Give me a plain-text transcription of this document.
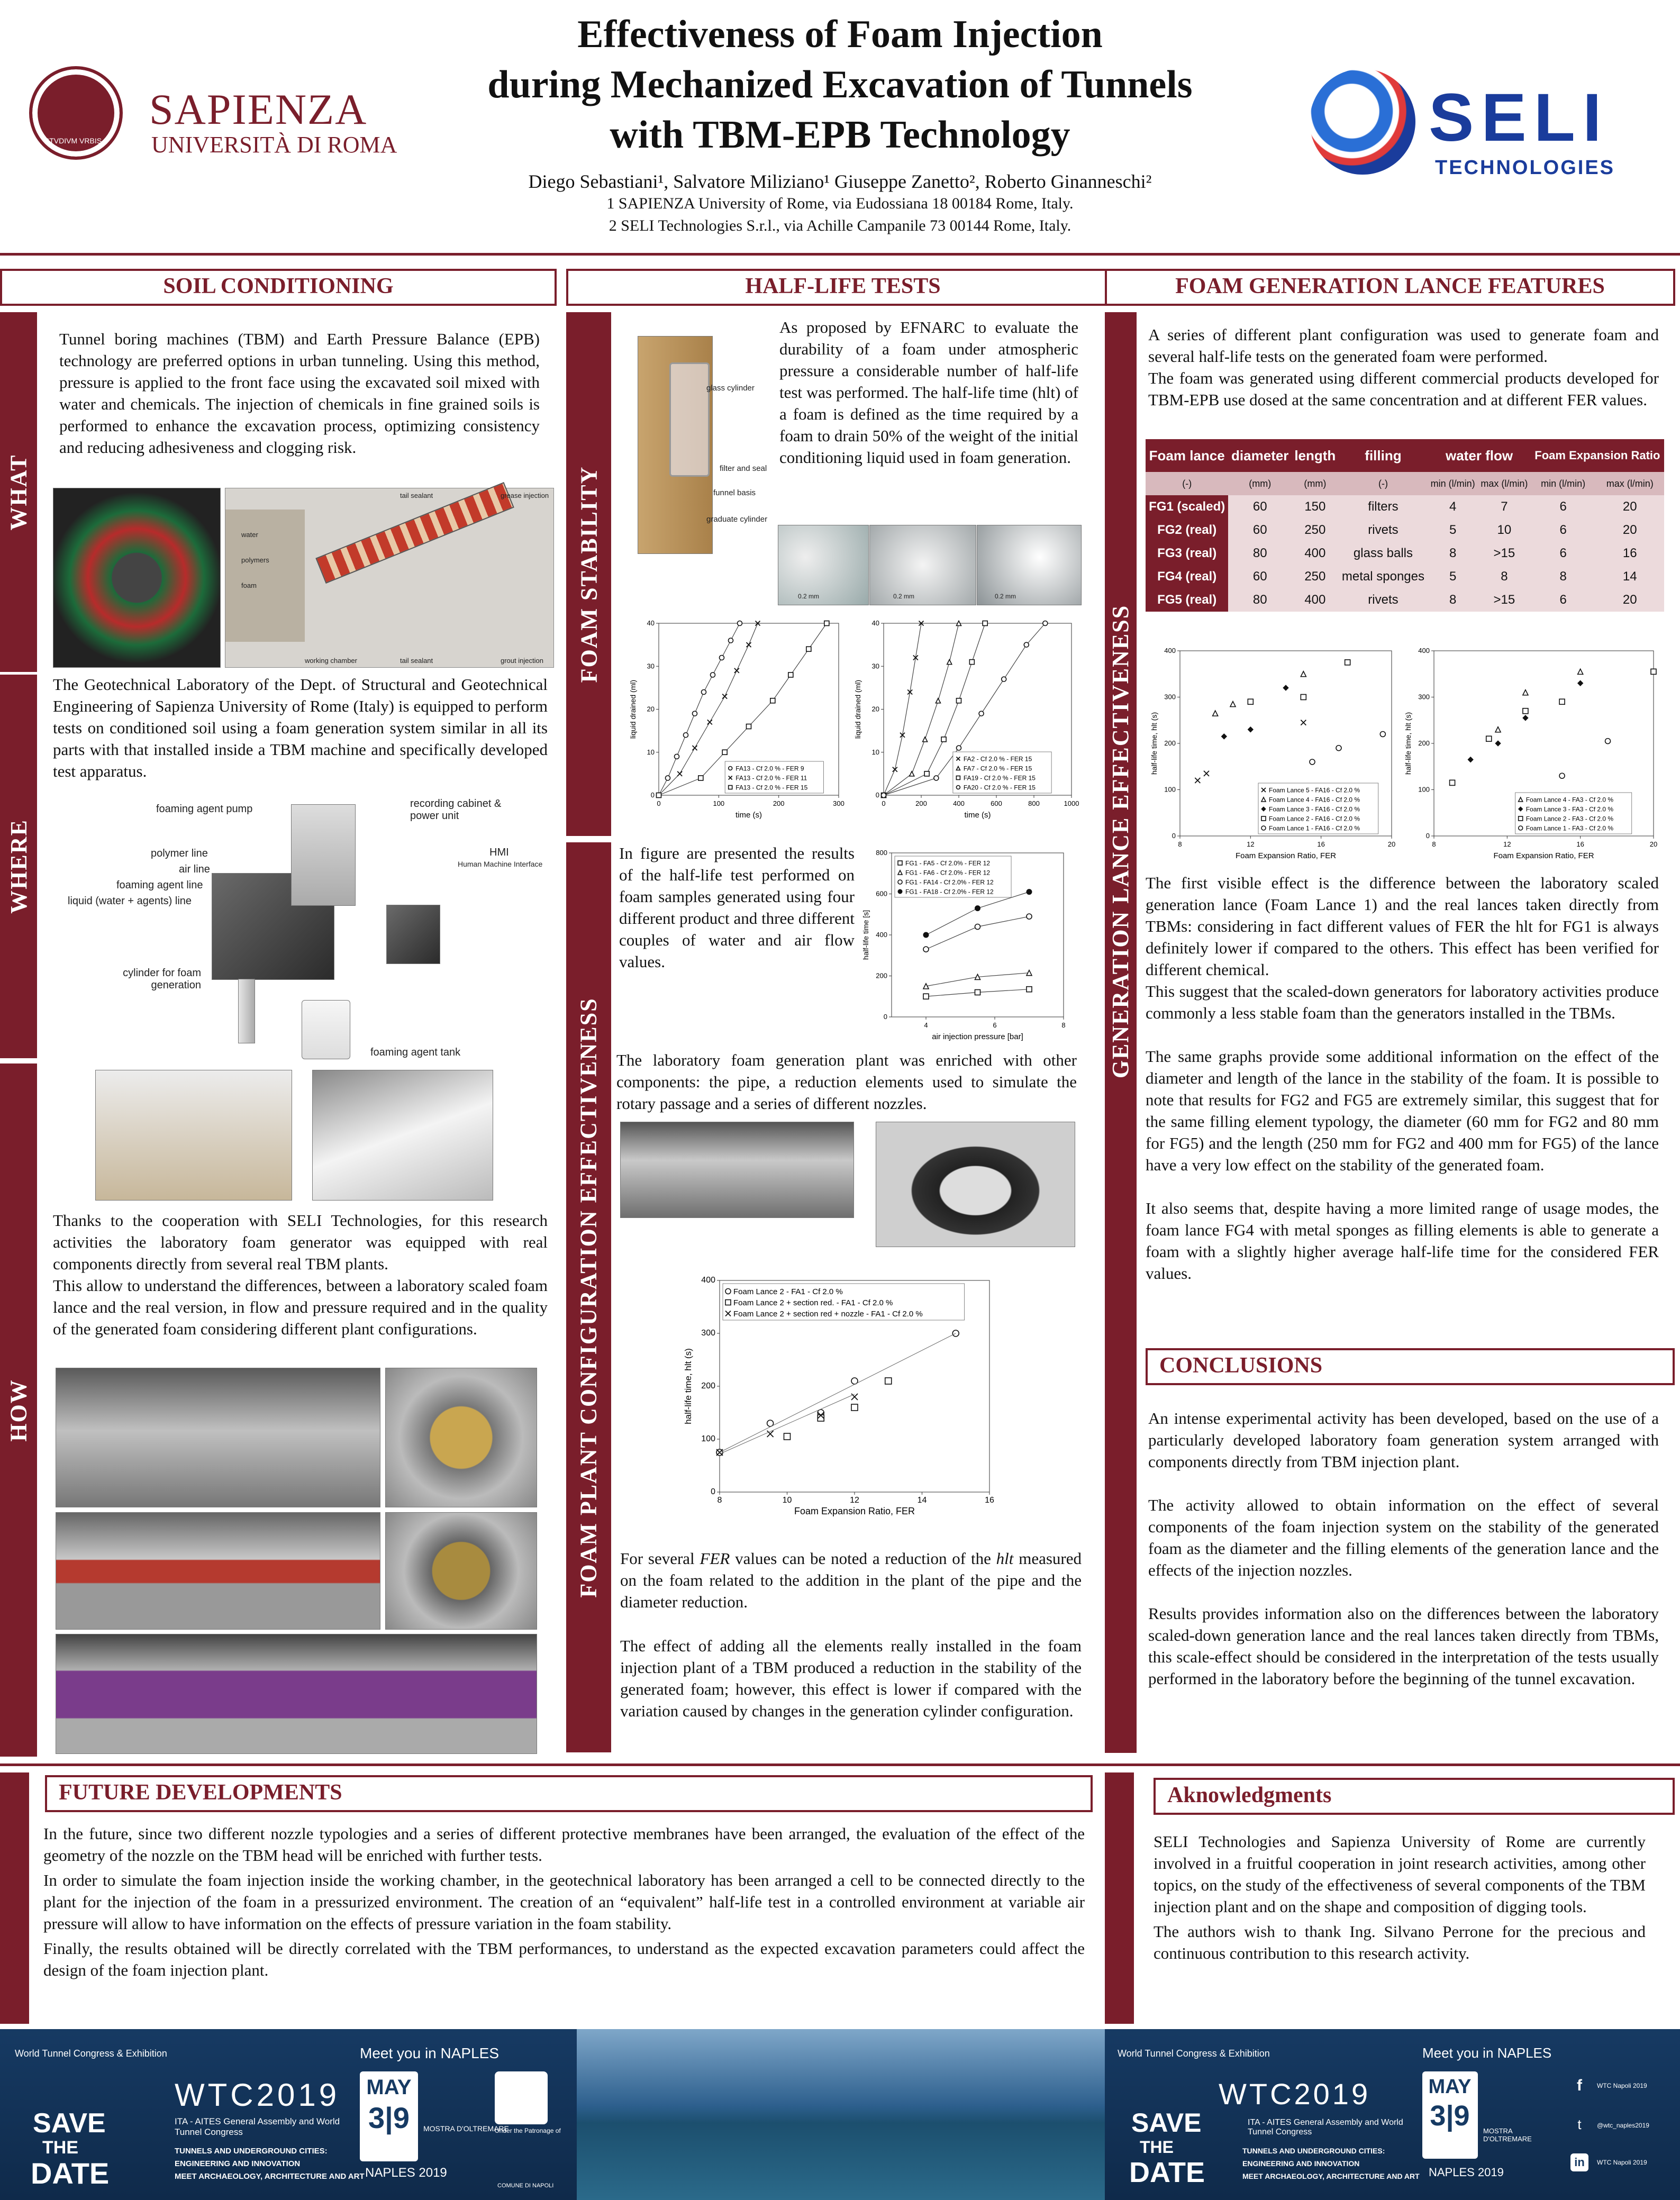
STVDIVM VRBIS
SAPIENZA
UNIVERSITÀ DI ROMA
Effectiveness of Foam Injection
during Mechanized Excavation of Tunnels
with TBM-EPB Technology
Diego Sebastiani¹, Salvatore Miliziano¹ Giuseppe Zanetto², Roberto Ginanneschi²
1 SAPIENZA University of Rome, via Eudossiana 18 00184 Rome, Italy.
2 SELI Technologies S.r.l., via Achille Campanile 73 00144 Rome, Italy.
SELI
TECHNOLOGIES
SOIL CONDITIONING
WHAT
WHERE
HOW
Tunnel boring machines (TBM) and Earth Pressure Balance (EPB) technology are preferred options in urban tunneling. Using this method, pressure is applied to the front face using the excavated soil mixed with water and chemicals. The injection of chemicals in fine grained soils is performed to enhance the excavation process, optimizing consistency and reducing adhesiveness and clogging risk.
tail sealant	grease injection
water
polymers
foam
working chamber	tail sealant	grout injection
The Geotechnical Laboratory of the Dept. of Structural and Geotechnical Engineering of Sapienza University of Rome (Italy) is equipped to perform tests on conditioned soil using a foam generation system similar in all its parts with that installed inside a TBM machine and specifically developed test apparatus.
foaming agent pump	recording cabinet & power unit
polymer line
air line
foaming agent line
liquid (water + agents) line
HMI
Human Machine Interface
cylinder for foam generation
foaming agent tank

Thanks to the cooperation with SELI Technologies, for this research activities the laboratory foam generator was equipped with real components directly from several real TBM plants.

This allow to understand the differences, between a laboratory scaled foam lance and the real version, in flow and pressure required and in the quality of the generated foam considering different plant configurations.

HALF-LIFE TESTS
FOAM STABILITY
FOAM PLANT CONFIGURATION EFFECTIVENESS
glass cylinder
filter and seal
funnel basis
graduate cylinder
As proposed by EFNARC to evaluate the durability of a foam under atmospheric pressure a considerable number of half-life test was performed. The half-life time (hlt) of a foam is defined as the time required by a foam to drain 50% of the weight of the initial conditioning liquid used in foam generation.
0.2 mm	0.2 mm	0.2 mm
0	100	200	300
0
10
20
30
40
time (s)
liquid drained (ml)
FA13 - Cf 2.0 % - FER 9
FA13 - Cf 2.0 % - FER 11
FA13 - Cf 2.0 % - FER 15
0	200	400	600	800	1000
0
10
20
30
40
time (s)
liquid drained (ml)
FA2 - Cf 2.0 % - FER 15
FA7 - Cf 2.0 % - FER 15
FA19 - Cf 2.0 % - FER 15
FA20 - Cf 2.0 % - FER 15
In figure are presented the results of the half-life test performed on foam samples generated using four different product and three different couples of water and air flow values.
4	6	8
0
200
400
600
800
air injection pressure [bar]
half-life time [s]
FG1 - FA5 - Cf 2.0% - FER 12
FG1 - FA6 - Cf 2.0% - FER 12
FG1 - FA14 - Cf 2.0% - FER 12
FG1 - FA18 - Cf 2.0% - FER 12
The laboratory foam generation plant was enriched with other components: the pipe, a reduction elements used to simulate the rotary passage and a series of different nozzles.
8	10	12	14	16
0
100
200
300
400
Foam Expansion Ratio, FER
half-life time, hlt (s)
Foam Lance 2 - FA1 - Cf 2.0 %
Foam Lance 2 + section red. - FA1 - Cf 2.0 %
Foam Lance 2 + section red + nozzle - FA1 - Cf 2.0 %
For several FER values can be noted a reduction of the hlt measured on the foam related to the addition in the plant of the pipe and the diameter reduction.
The effect of adding all the elements really installed in the foam injection plant of a TBM produced a reduction in the stability of the generated foam; however, this effect is lower if compared with the variation caused by changes in the generation cylinder configuration.
FOAM GENERATION LANCE FEATURES
GENERATION LANCE EFFECTIVENESS

A series of different plant configuration was used to generate foam and several half-life tests on the generated foam were performed.

The foam was generated using different commercial products developed for TBM-EPB use dosed at the same concentration and at different FER values.

Foam lance	diameter	length	filling	water flow		Foam Expansion Ratio	
(-)	(mm)	(mm)	(-)	min (l/min)	max (l/min)	min (l/min)	max (l/min)
FG1 (scaled)	60	150	filters	4	7	6	20
FG2 (real)	60	250	rivets	5	10	6	20
FG3 (real)	80	400	glass balls	8	>15	6	16
FG4 (real)	60	250	metal sponges	5	8	8	14
FG5 (real)	80	400	rivets	8	>15	6	20
8	12	16	20
0
100
200
300
400
Foam Expansion Ratio, FER
half-life time, hlt (s)
Foam Lance 5 - FA16 - Cf 2.0 %
Foam Lance 4 - FA16 - Cf 2.0 %
Foam Lance 3 - FA16 - Cf 2.0 %
Foam Lance 2 - FA16 - Cf 2.0 %
Foam Lance 1 - FA16 - Cf 2.0 %
8	12	16	20
0
100
200
300
400
Foam Expansion Ratio, FER
half-life time, hlt (s)
Foam Lance 4 - FA3 - Cf 2.0 %
Foam Lance 3 - FA3 - Cf 2.0 %
Foam Lance 2 - FA3 - Cf 2.0 %
Foam Lance 1 - FA3 - Cf 2.0 %

The first visible effect is the difference between the laboratory scaled generation lance (Foam Lance 1) and the real lances taken directly from TBMs: considering in fact different values of FER the hlt for FG1 is always definitely lower if compared to the others. This effect has been verified for different chemical.

This suggest that the scaled-down generators for laboratory activities produce commonly a less stable foam than the generators installed in the TBMs.

The same graphs provide some additional information on the effect of the diameter and length of the lance in the stability of the foam. It is possible to note that results for FG2 and FG5 are extremely similar, this suggest that for the same filling element typology, the diameter (60 mm for FG2 and 80 mm for FG5) and the length (250 mm for FG2 and 400 mm for FG5) of the lance have a very low effect on the stability of the generated foam.

It also seems that, despite having a more limited range of usage modes, the foam lance FG4 with metal sponges as filling elements is able to generate a foam with a slightly higher average half-life time for the considered FER values.

CONCLUSIONS

An intense experimental activity has been developed, based on the use of a particularly developed laboratory foam generation system arranged with components directly from TBM injection plant.

The activity allowed to obtain information on the effect of several components of the foam injection system on the stability of the generated foam as the diameter and the filling elements of the generation lance and the effects of the injection nozzles.

Results provides information also on the differences between the laboratory scaled-down generation lance and the real lances taken directly from TBMs, this scale-effect should be considered in the interpretation of the tests usually performed in the laboratory before the beginning of the tunnel excavation.

FUTURE DEVELOPMENTS

In the future, since two different nozzle typologies and a series of different protective membranes have been arranged, the evaluation of the effect of the geometry of the nozzle on the TBM head will be enriched with further tests.

In order to simulate the foam injection inside the working chamber, in the geotechnical laboratory has been arranged a cell to be connected directly to the plant for the injection of the foam in a pressurized environment. The creation of an “equivalent” half-life test in a controlled environment at variable air pressure will allow to have information on the effects of pressure variation in the foam stability.

Finally, the results obtained will be directly correlated with the TBM performances, to understand as the expected excavation parameters could affect the design of the foam injection plant.

Aknowledgments

SELI Technologies and Sapienza University of Rome are currently involved in a fruitful cooperation in joint research activities, among other topics, on the study of the effectiveness of several components of the TBM injection plant and on the shape and composition of digging tools.

The authors wish to thank Ing. Silvano Perrone for the precious and continuous contribution to this research activity.

World Tunnel Congress & Exhibition	Meet you in NAPLES
WTC2019
ITA - AITES General Assembly and World Tunnel Congress
TUNNELS AND UNDERGROUND CITIES:
ENGINEERING AND INNOVATION
MEET ARCHAEOLOGY, ARCHITECTURE AND ART
SAVE
THE
DATE
MAY
3|9	MOSTRA D'OLTREMARE
NAPLES 2019
Under the Patronage of
COMUNE DI NAPOLI
World Tunnel Congress & Exhibition	Meet you in NAPLES
WTC2019
ITA - AITES General Assembly and World Tunnel Congress
TUNNELS AND UNDERGROUND CITIES:
ENGINEERING AND INNOVATION
MEET ARCHAEOLOGY, ARCHITECTURE AND ART
SAVE
THE
DATE
MAY
3|9
NAPLES 2019
MOSTRA D'OLTREMARE
f	WTC Napoli 2019
t	@wtc_naples2019
in	WTC Napoli 2019
